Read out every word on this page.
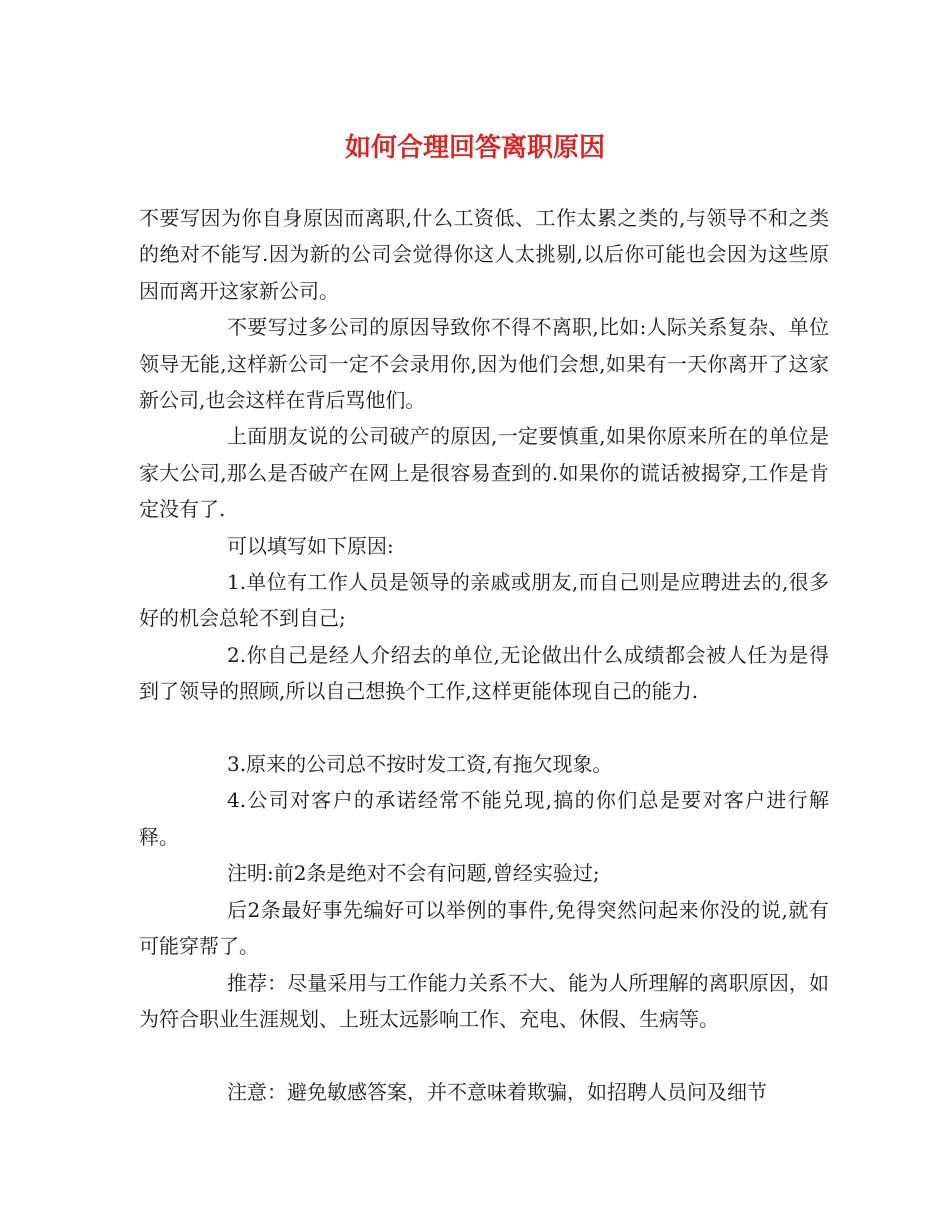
如何合理回答离职原因

不要写因为你自身原因而离职,什么工资低、工作太累之类的,与领导不和之类的绝对不能写.因为新的公司会觉得你这人太挑剔,以后你可能也会因为这些原因而离开这家新公司。

不要写过多公司的原因导致你不得不离职,比如:人际关系复杂、单位领导无能,这样新公司一定不会录用你,因为他们会想,如果有一天你离开了这家新公司,也会这样在背后骂他们。

上面朋友说的公司破产的原因,一定要慎重,如果你原来所在的单位是家大公司,那么是否破产在网上是很容易查到的.如果你的谎话被揭穿,工作是肯定没有了.

可以填写如下原因:

1.单位有工作人员是领导的亲戚或朋友,而自己则是应聘进去的,很多好的机会总轮不到自己;

2.你自己是经人介绍去的单位,无论做出什么成绩都会被人任为是得到了领导的照顾,所以自己想换个工作,这样更能体现自己的能力.

3.原来的公司总不按时发工资,有拖欠现象。

4.公司对客户的承诺经常不能兑现,搞的你们总是要对客户进行解释。

注明:前2条是绝对不会有问题,曾经实验过;

后2条最好事先编好可以举例的事件,免得突然问起来你没的说,就有可能穿帮了。

推荐：尽量采用与工作能力关系不大、能为人所理解的离职原因，如为符合职业生涯规划、上班太远影响工作、充电、休假、生病等。

注意：避免敏感答案，并不意味着欺骗，如招聘人员问及细节
